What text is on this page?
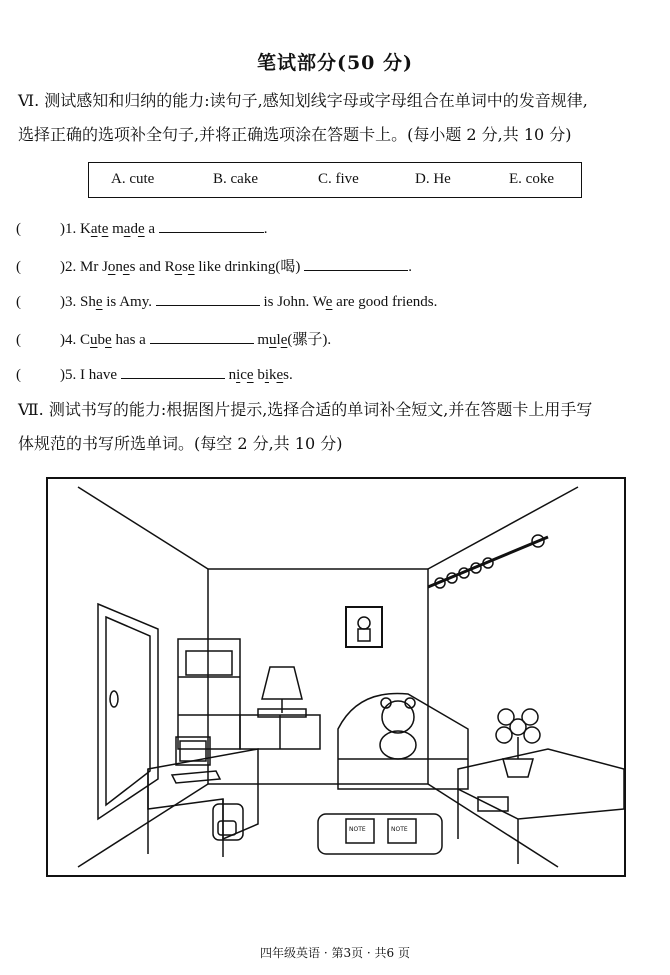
笔试部分(50 分)
Ⅵ. 测试感知和归纳的能力:读句子,感知划线字母或字母组合在单词中的发音规律,
选择正确的选项补全句子,并将正确选项涂在答题卡上。(每小题 2 分,共 10 分)
A. cute	B. cake	C. five	D. He	E. coke
(	)1. Kate made a	.
(	)2. Mr Jones and Rose like drinking(喝)	.
(	)3. She is Amy.	is John. We are good friends.
(	)4. Cube has a	mule(骡子).
(	)5. I have	nice bikes.
Ⅶ. 测试书写的能力:根据图片提示,选择合适的单词补全短文,并在答题卡上用手写
体规范的书写所选单词。(每空 2 分,共 10 分)
NOTE	NOTE
四年级英语 · 第3页 · 共6 页
